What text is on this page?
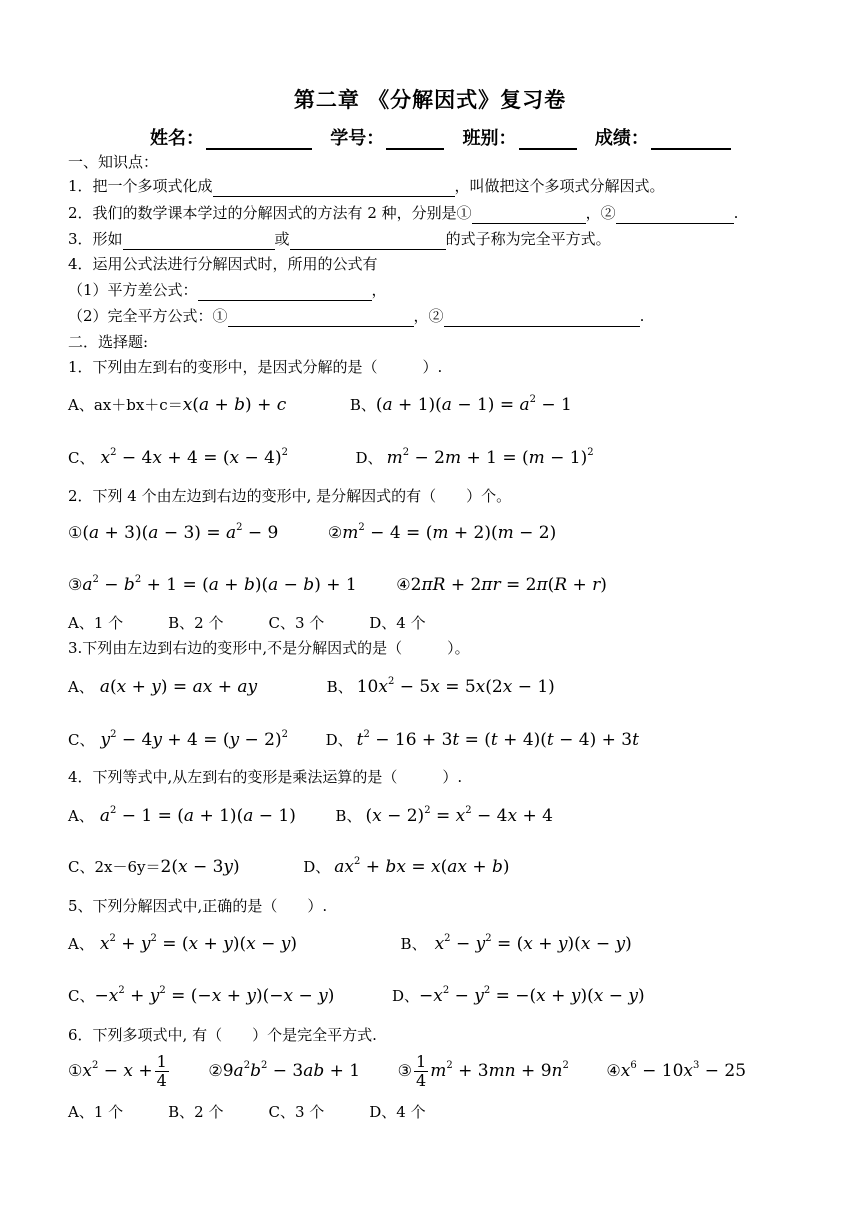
第二章 《分解因式》复习卷
姓名：	学号：	班别：	成绩：
一、知识点：
1．把一个多项式化成	，叫做把这个多项式分解因式。
2．我们的数学课本学过的分解因式的方法有 2 种，分别是①	，②	.
3．形如	或	的式子称为完全平方式。
4．运用公式法进行分解因式时，所用的公式有
（1）平方差公式：	，
（2）完全平方公式：①	，②	.
二．选择题:
1．下列由左到右的变形中，是因式分解的是（　　　）.
A、ax＋bx＋c＝x(a + b) + c	B、$(a + 1)(a - 1) = a^2 - 1$
C、 $x^2 - 4x + 4 = (x - 4)^2$	D、 $m^2 - 2m + 1 = (m - 1)^2$
2．下列 4 个由左边到右边的变形中, 是分解因式的有（　　）个。
①(a + $3)(a - 3) = a^2 - 9$	$②m^2 - 4 = (m + 2)(m - 2)$
$③a^2 - b^2 + 1 = (a + b)(a - b) + 1$ ④2πR + 2πr = 2π(R + r)
A、1 个　　　B、2 个　　　C、3 个　　　D、4 个
3.下列由左边到右边的变形中,不是分解因式的是（　　　）。
A、 a(x + y) = ax + ay	B、 $10x^2 - 5x = 5x(2x - 1)$
C、 $y^2 - 4y + 4 = (y - 2)^2$	D、 $t^2 - 16 + 3t = (t + 4)(t - 4) + 3t$
4．下列等式中,从左到右的变形是乘法运算的是（　　　）.
A、 $a^2 - 1 = (a + 1)(a - 1)$	B、 $(x - 2)^2 = x^2 - 4x + 4$
C、2x－6y＝2(x − 3y)	D、 $ax^2$ + bx = x(ax + b)
5、下列分解因式中,正确的是（　　）.
A、 $x^2 + y^2 = (x + y)(x - y)$	B、 $x^2 - y^2 = (x + y)(x - y)$
C、$-x^2 + y^2 = (-x + y)(-x - y)$	D、$-x^2 - y^2 = -(x + y)(x - y)$
6．下列多项式中, 有（　　）个是完全平方式.
$①x^2 - x + \frac{1}{4}$ $②9a^2b^2 - 3ab + 1$ ③ $\frac{1}{4} m^2 + 3mn + 9n^2$ $④x^6 - 10x^3 - 25$
A、1 个　　　B、2 个　　　C、3 个　　　D、4 个
